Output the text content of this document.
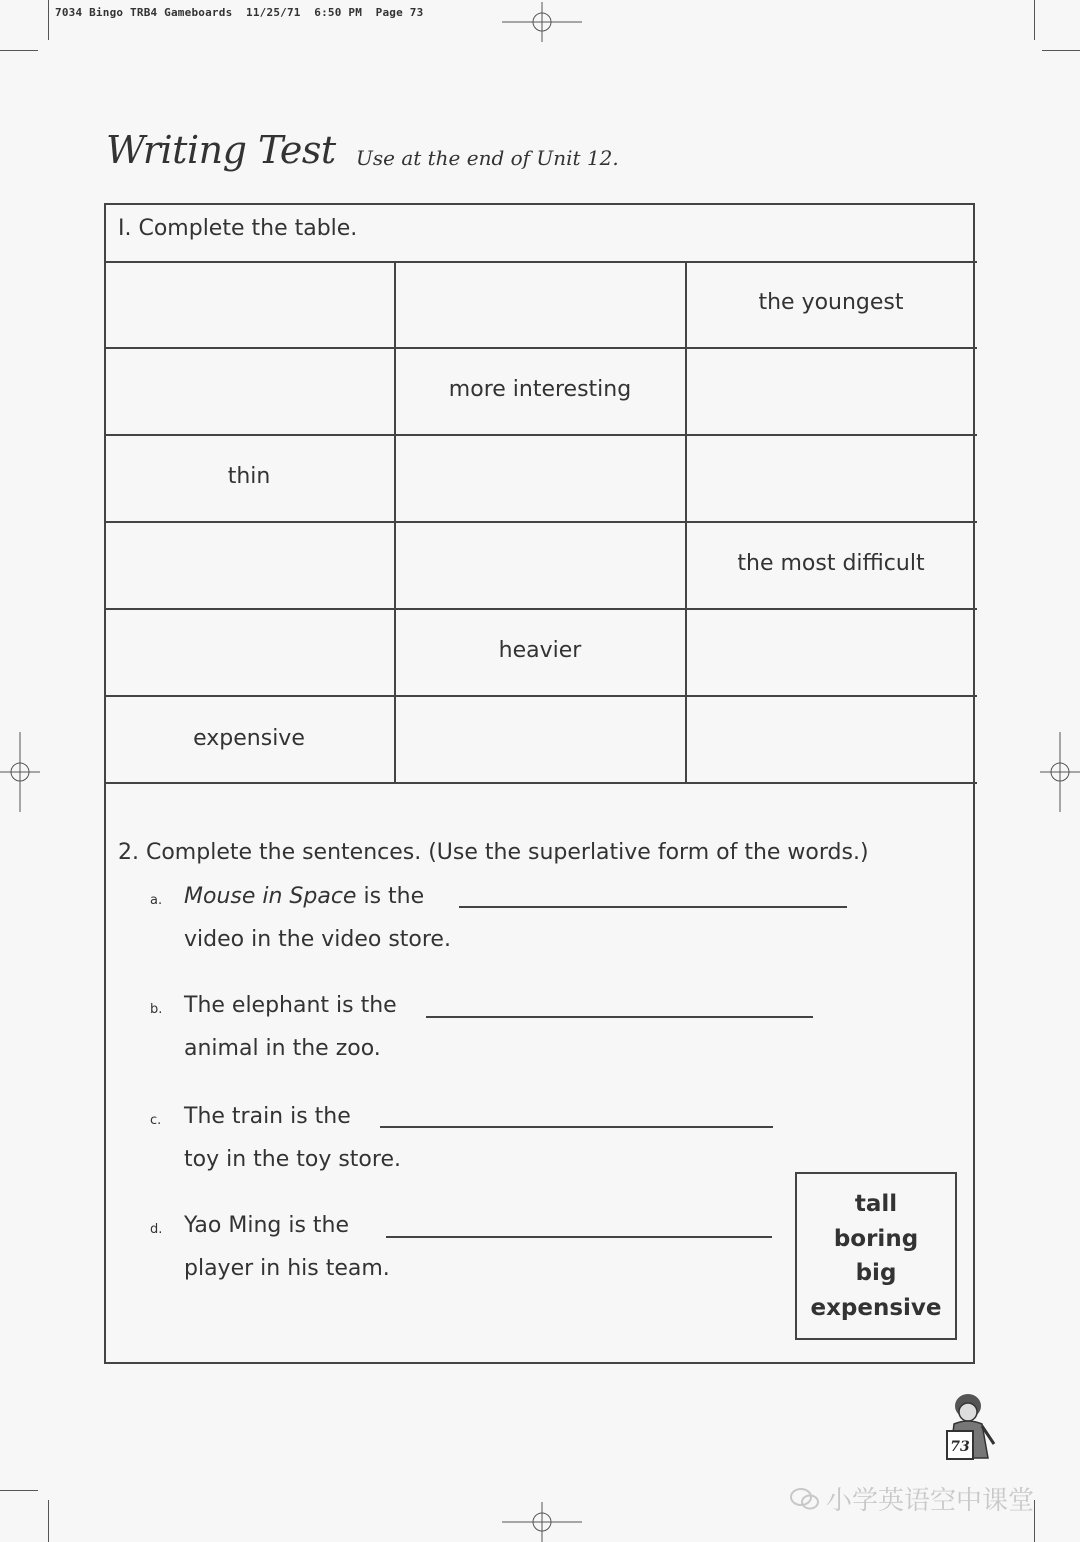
7034 Bingo TRB4 Gameboards  11/25/71  6:50 PM  Page 73
Writing Test Use at the end of Unit 12.
I. Complete the table.
the youngest
more interesting
thin
the most difficult
heavier
expensive
2. Complete the sentences. (Use the superlative form of the words.)
a. Mouse in Space is the
video in the video store.
b. The elephant is the
animal in the zoo.
c. The train is the
toy in the toy store.
d. Yao Ming is the
player in his team.
tall
boring
big
expensive
73
小学英语空中课堂
